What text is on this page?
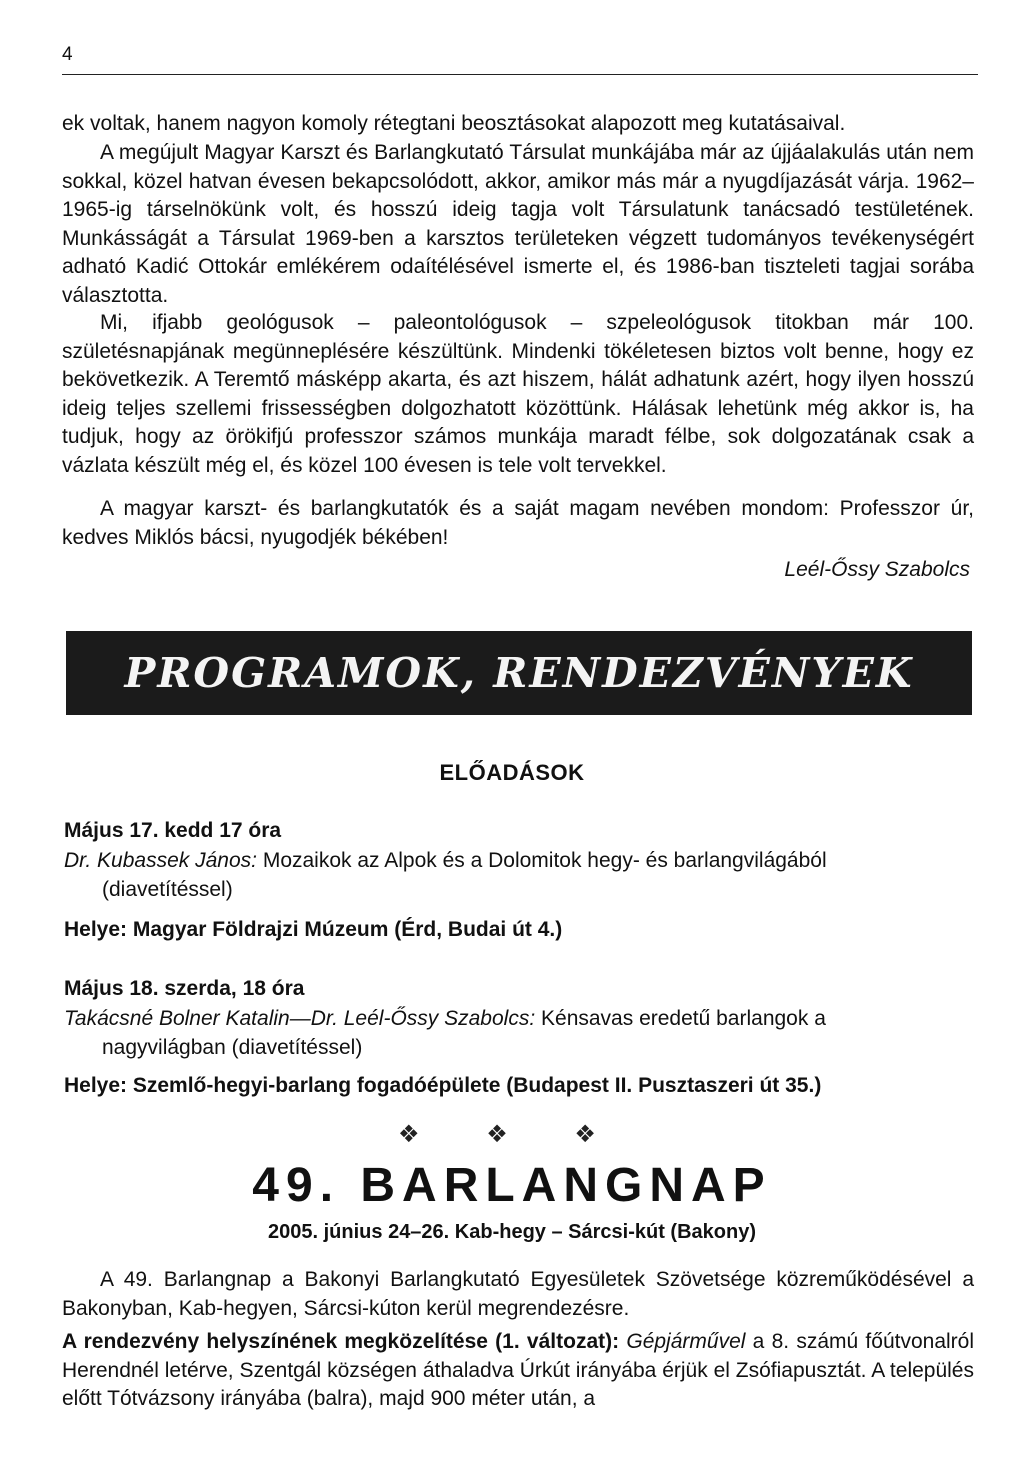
4

ek voltak, hanem nagyon komoly rétegtani beosztásokat alapozott meg kutatásaival.

A megújult Magyar Karszt és Barlangkutató Társulat munkájába már az újjáalakulás után nem sokkal, közel hatvan évesen bekapcsolódott, akkor, amikor más már a nyugdíjazását várja. 1962–1965-ig társelnökünk volt, és hosszú ideig tagja volt Társulatunk tanácsadó testületének. Munkásságát a Társulat 1969-ben a karsztos területeken végzett tudományos tevékenységért adható Kadić Ottokár emlékérem odaítélésével ismerte el, és 1986-ban tiszteleti tagjai sorába választotta.

Mi, ifjabb geológusok – paleontológusok – szpeleológusok titokban már 100. születésnapjának megünneplésére készültünk. Mindenki tökéletesen biztos volt benne, hogy ez bekövetkezik. A Teremtő másképp akarta, és azt hiszem, hálát adhatunk azért, hogy ilyen hosszú ideig teljes szellemi frissességben dolgozhatott közöttünk. Hálásak lehetünk még akkor is, ha tudjuk, hogy az örökifjú professzor számos munkája maradt félbe, sok dolgozatának csak a vázlata készült még el, és közel 100 évesen is tele volt tervekkel.

A magyar karszt- és barlangkutatók és a saját magam nevében mondom: Professzor úr, kedves Miklós bácsi, nyugodjék békében!

Leél-Őssy Szabolcs
PROGRAMOK, RENDEZVÉNYEK
ELŐADÁSOK
Május 17. kedd 17 óra

Dr. Kubassek János: Mozaikok az Alpok és a Dolomitok hegy- és barlangvilágából
(diavetítéssel)

Helye: Magyar Földrajzi Múzeum (Érd, Budai út 4.)
Május 18. szerda, 18 óra

Takácsné Bolner Katalin—Dr. Leél-Őssy Szabolcs: Kénsavas eredetű barlangok a
nagyvilágban (diavetítéssel)

Helye: Szemlő-hegyi-barlang fogadóépülete (Budapest II. Pusztaszeri út 35.)
❖ ❖ ❖
49. BARLANGNAP
2005. június 24–26. Kab-hegy – Sárcsi-kút (Bakony)

A 49. Barlangnap a Bakonyi Barlangkutató Egyesületek Szövetsége közreműködésével a Bakonyban, Kab-hegyen, Sárcsi-kúton kerül megrendezésre.

A rendezvény helyszínének megközelítése (1. változat): Gépjárművel a 8. számú főútvonalról Herendnél letérve, Szentgál községen áthaladva Úrkút irányába érjük el Zsófiapusztát. A település előtt Tótvázsony irányába (balra), majd 900 méter után, a
